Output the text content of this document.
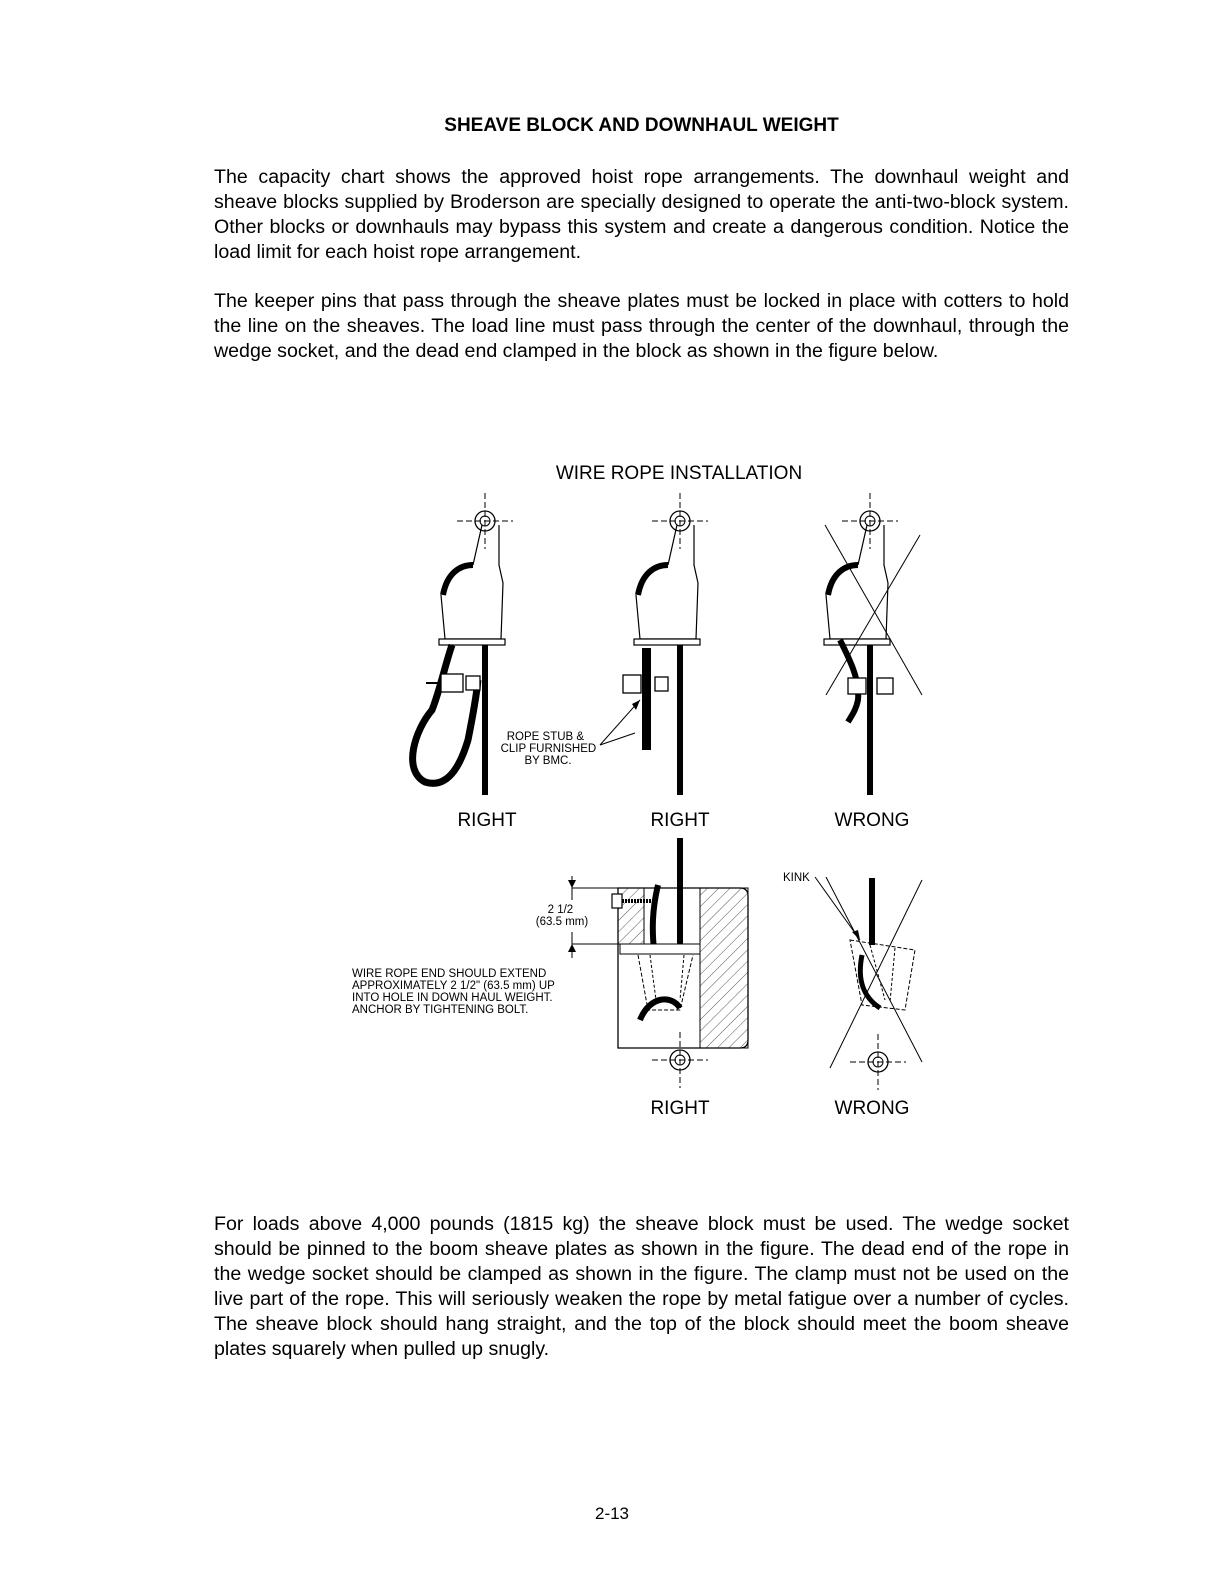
SHEAVE BLOCK AND DOWNHAUL WEIGHT

The capacity chart shows the approved hoist rope arrangements. The downhaul weight and sheave blocks supplied by Broderson are specially designed to operate the anti-two-block system. Other blocks or downhauls may bypass this system and create a dangerous condition. Notice the load limit for each hoist rope arrangement.

The keeper pins that pass through the sheave plates must be locked in place with cotters to hold the line on the sheaves. The load line must pass through the center of the downhaul, through the wedge socket, and the dead end clamped in the block as shown in the figure below.

WIRE ROPE INSTALLATION
ROPE STUB & CLIP FURNISHED BY BMC.
RIGHT	RIGHT	WRONG
2 1/2 (63.5 mm)
WIRE ROPE END SHOULD EXTEND APPROXIMATELY 2 1/2" (63.5 mm) UP INTO HOLE IN DOWN HAUL WEIGHT. ANCHOR BY TIGHTENING BOLT.
KINK
RIGHT	WRONG

For loads above 4,000 pounds (1815 kg) the sheave block must be used. The wedge socket should be pinned to the boom sheave plates as shown in the figure. The dead end of the rope in the wedge socket should be clamped as shown in the figure. The clamp must not be used on the live part of the rope. This will seriously weaken the rope by metal fatigue over a number of cycles. The sheave block should hang straight, and the top of the block should meet the boom sheave plates squarely when pulled up snugly.

2-13
